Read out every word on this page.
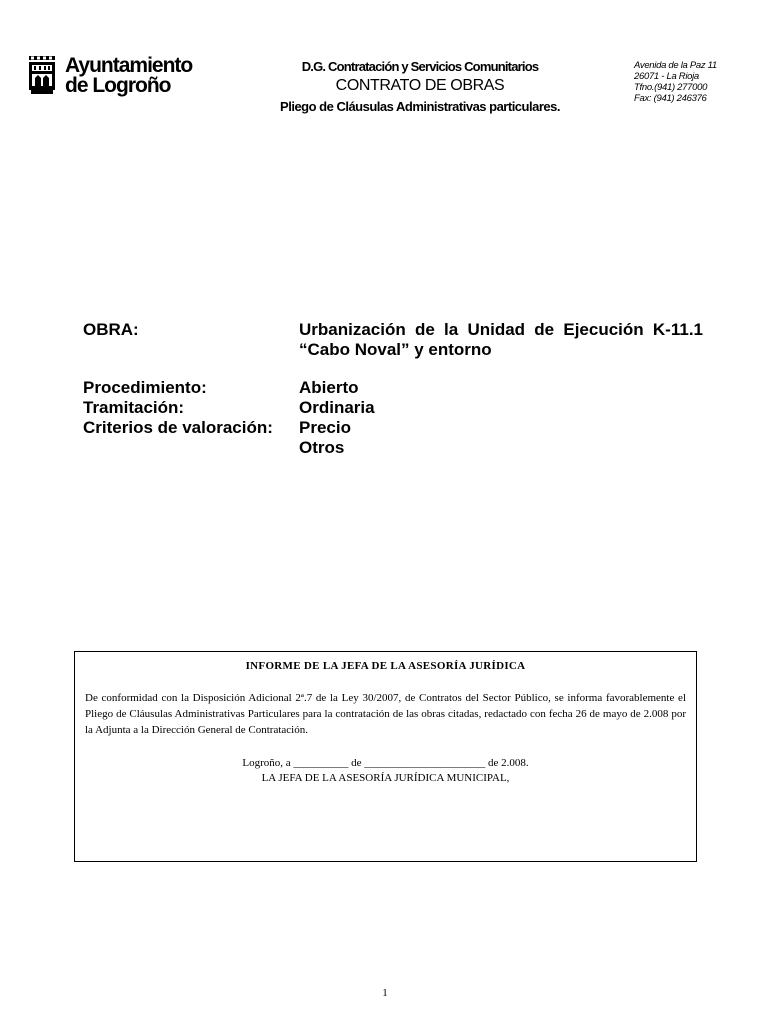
Ayuntamiento
de Logroño
D.G. Contratación y Servicios Comunitarios
CONTRATO DE OBRAS
Pliego de Cláusulas Administrativas particulares.
Avenida de la Paz 11
26071 - La Rioja
Tfno.(941) 277000
Fax: (941) 246376
OBRA:	Urbanización de la Unidad de Ejecución K-11.1 “Cabo Noval” y entorno
Procedimiento:	Abierto
Tramitación:	Ordinaria
Criterios de valoración:	Precio
Otros
INFORME DE LA JEFA DE LA ASESORÍA JURÍDICA
De conformidad con la Disposición Adicional 2ª.7 de la Ley 30/2007, de Contratos del Sector Público, se informa favorablemente el Pliego de Cláusulas Administrativas Particulares para la contratación de las obras citadas, redactado con fecha 26 de mayo de 2.008 por la Adjunta a la Dirección General de Contratación.
Logroño, a __________ de ______________________ de 2.008.
LA JEFA DE LA ASESORÍA JURÍDICA MUNICIPAL,
1
